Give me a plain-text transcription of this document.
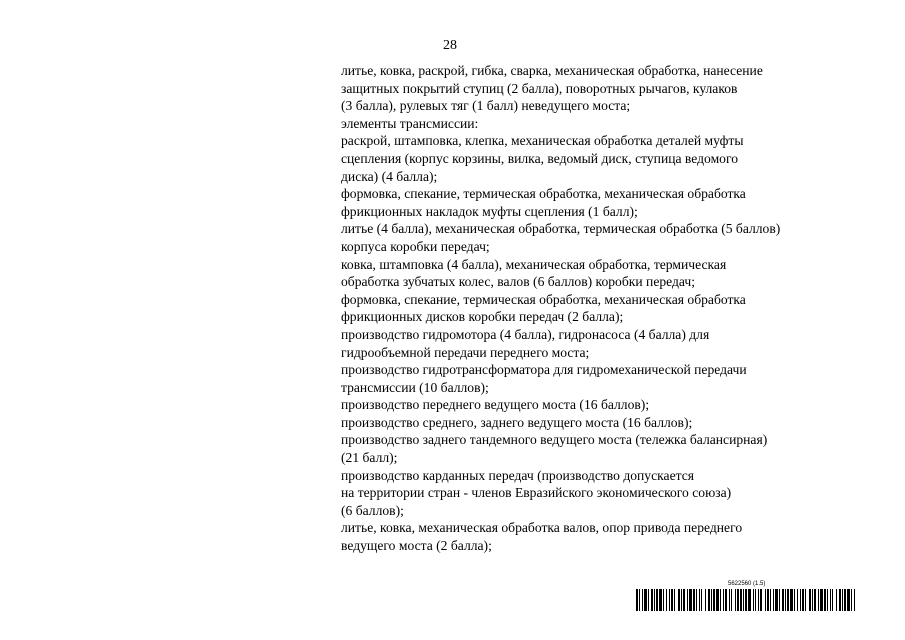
28
литье, ковка, раскрой, гибка, сварка, механическая обработка, нанесение
защитных покрытий ступиц (2 балла), поворотных рычагов, кулаков
(3 балла), рулевых тяг (1 балл) неведущего моста;
элементы трансмиссии:
раскрой, штамповка, клепка, механическая обработка деталей муфты
сцепления (корпус корзины, вилка, ведомый диск, ступица ведомого
диска) (4 балла);
формовка, спекание, термическая обработка, механическая обработка
фрикционных накладок муфты сцепления (1 балл);
литье (4 балла), механическая обработка, термическая обработка (5 баллов)
корпуса коробки передач;
ковка, штамповка (4 балла), механическая обработка, термическая
обработка зубчатых колес, валов (6 баллов) коробки передач;
формовка, спекание, термическая обработка, механическая обработка
фрикционных дисков коробки передач (2 балла);
производство гидромотора (4 балла), гидронасоса (4 балла) для
гидрообъемной передачи переднего моста;
производство гидротрансформатора для гидромеханической передачи
трансмиссии (10 баллов);
производство переднего ведущего моста (16 баллов);
производство среднего, заднего ведущего моста (16 баллов);
производство заднего тандемного ведущего моста (тележка балансирная)
(21 балл);
производство карданных передач (производство допускается
на территории стран - членов Евразийского экономического союза)
(6 баллов);
литье, ковка, механическая обработка валов, опор привода переднего
ведущего моста (2 балла);
5622560 (1.5)
